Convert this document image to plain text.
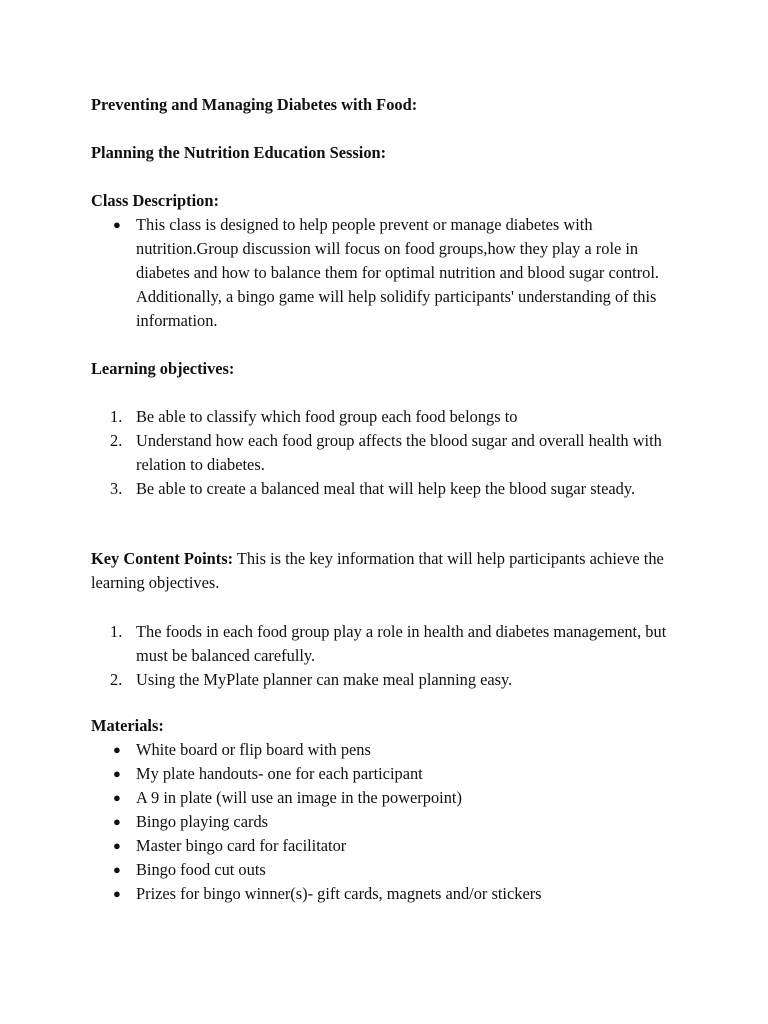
Preventing and Managing Diabetes with Food:

Planning the Nutrition Education Session:

Class Description:

● This class is designed to help people prevent or manage diabetes with nutrition.Group discussion will focus on food groups,how they play a role in diabetes and how to balance them for optimal nutrition and blood sugar control. Additionally, a bingo game will help solidify participants' understanding of this information.

Learning objectives:

1. Be able to classify which food group each food belongs to
2. Understand how each food group affects the blood sugar and overall health with relation to diabetes.
3. Be able to create a balanced meal that will help keep the blood sugar steady.

Key Content Points: This is the key information that will help participants achieve the learning objectives.

1. The foods in each food group play a role in health and diabetes management, but must be balanced carefully.
2. Using the MyPlate planner can make meal planning easy.

Materials:

● White board or flip board with pens
● My plate handouts- one for each participant
● A 9 in plate (will use an image in the powerpoint)
● Bingo playing cards
● Master bingo card for facilitator
● Bingo food cut outs
● Prizes for bingo winner(s)- gift cards, magnets and/or stickers
